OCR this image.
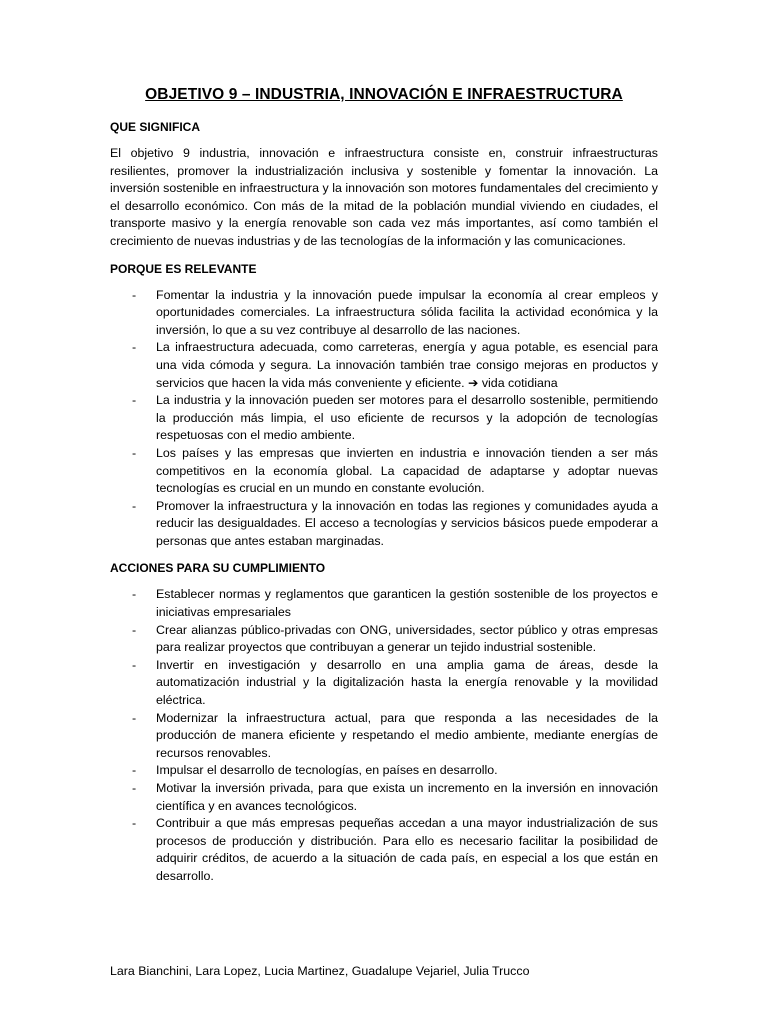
OBJETIVO 9 – INDUSTRIA, INNOVACIÓN E INFRAESTRUCTURA
QUE SIGNIFICA
El objetivo 9 industria, innovación e infraestructura consiste en, construir infraestructuras resilientes, promover la industrialización inclusiva y sostenible y fomentar la innovación. La inversión sostenible en infraestructura y la innovación son motores fundamentales del crecimiento y el desarrollo económico. Con más de la mitad de la población mundial viviendo en ciudades, el transporte masivo y la energía renovable son cada vez más importantes, así como también el crecimiento de nuevas industrias y de las tecnologías de la información y las comunicaciones.
PORQUE ES RELEVANTE
- Fomentar la industria y la innovación puede impulsar la economía al crear empleos y oportunidades comerciales. La infraestructura sólida facilita la actividad económica y la inversión, lo que a su vez contribuye al desarrollo de las naciones.
- La infraestructura adecuada, como carreteras, energía y agua potable, es esencial para una vida cómoda y segura. La innovación también trae consigo mejoras en productos y servicios que hacen la vida más conveniente y eficiente. ➔ vida cotidiana
- La industria y la innovación pueden ser motores para el desarrollo sostenible, permitiendo la producción más limpia, el uso eficiente de recursos y la adopción de tecnologías respetuosas con el medio ambiente.
- Los países y las empresas que invierten en industria e innovación tienden a ser más competitivos en la economía global. La capacidad de adaptarse y adoptar nuevas tecnologías es crucial en un mundo en constante evolución.
- Promover la infraestructura y la innovación en todas las regiones y comunidades ayuda a reducir las desigualdades. El acceso a tecnologías y servicios básicos puede empoderar a personas que antes estaban marginadas.
ACCIONES PARA SU CUMPLIMIENTO
- Establecer normas y reglamentos que garanticen la gestión sostenible de los proyectos e iniciativas empresariales
- Crear alianzas público-privadas con ONG, universidades, sector público y otras empresas para realizar proyectos que contribuyan a generar un tejido industrial sostenible.
- Invertir en investigación y desarrollo en una amplia gama de áreas, desde la automatización industrial y la digitalización hasta la energía renovable y la movilidad eléctrica.
- Modernizar la infraestructura actual, para que responda a las necesidades de la producción de manera eficiente y respetando el medio ambiente, mediante energías de recursos renovables.
- Impulsar el desarrollo de tecnologías, en países en desarrollo.
- Motivar la inversión privada, para que exista un incremento en la inversión en innovación científica y en avances tecnológicos.
- Contribuir a que más empresas pequeñas accedan a una mayor industrialización de sus procesos de producción y distribución. Para ello es necesario facilitar la posibilidad de adquirir créditos, de acuerdo a la situación de cada país, en especial a los que están en desarrollo.
Lara Bianchini, Lara Lopez, Lucia Martinez, Guadalupe Vejariel, Julia Trucco
